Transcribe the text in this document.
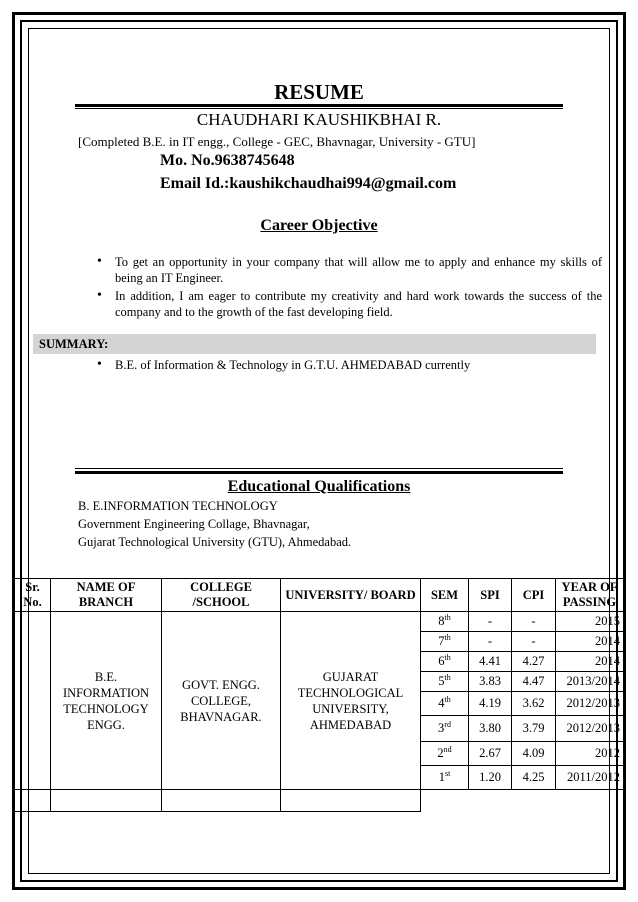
RESUME
CHAUDHARI KAUSHIKBHAI R.
[Completed B.E. in IT engg., College - GEC, Bhavnagar, University - GTU]
Mo. No.9638745648
Email Id.:kaushikchaudhai994@gmail.com
Career Objective
• To get an opportunity in your company that will allow me to apply and enhance my skills of being an IT Engineer.
• In addition, I am eager to contribute my creativity and hard work towards the success of the company and to the growth of the fast developing field.
SUMMARY:
• B.E. of Information & Technology in G.T.U. AHMEDABAD currently
Educational Qualifications
B. E.INFORMATION TECHNOLOGY
Government Engineering Collage, Bhavnagar,
Gujarat Technological University (GTU), Ahmedabad.
Sr. No.	NAME OF BRANCH	COLLEGE /SCHOOL	UNIVERSITY/ BOARD	SEM	SPI	CPI	YEAR OF PASSING
	B.E. INFORMATION TECHNOLOGY ENGG.	GOVT. ENGG. COLLEGE, BHAVNAGAR.	GUJARAT TECHNOLOGICAL UNIVERSITY, AHMEDABAD	8th	-	-	2015
				7th	-	-	2014
				6th	4.41	4.27	2014
				5th	3.83	4.47	2013/2014
				4th	4.19	3.62	2012/2013
				3rd	3.80	3.79	2012/2013
				2nd	2.67	4.09	2012
				1st	1.20	4.25	2011/2012
